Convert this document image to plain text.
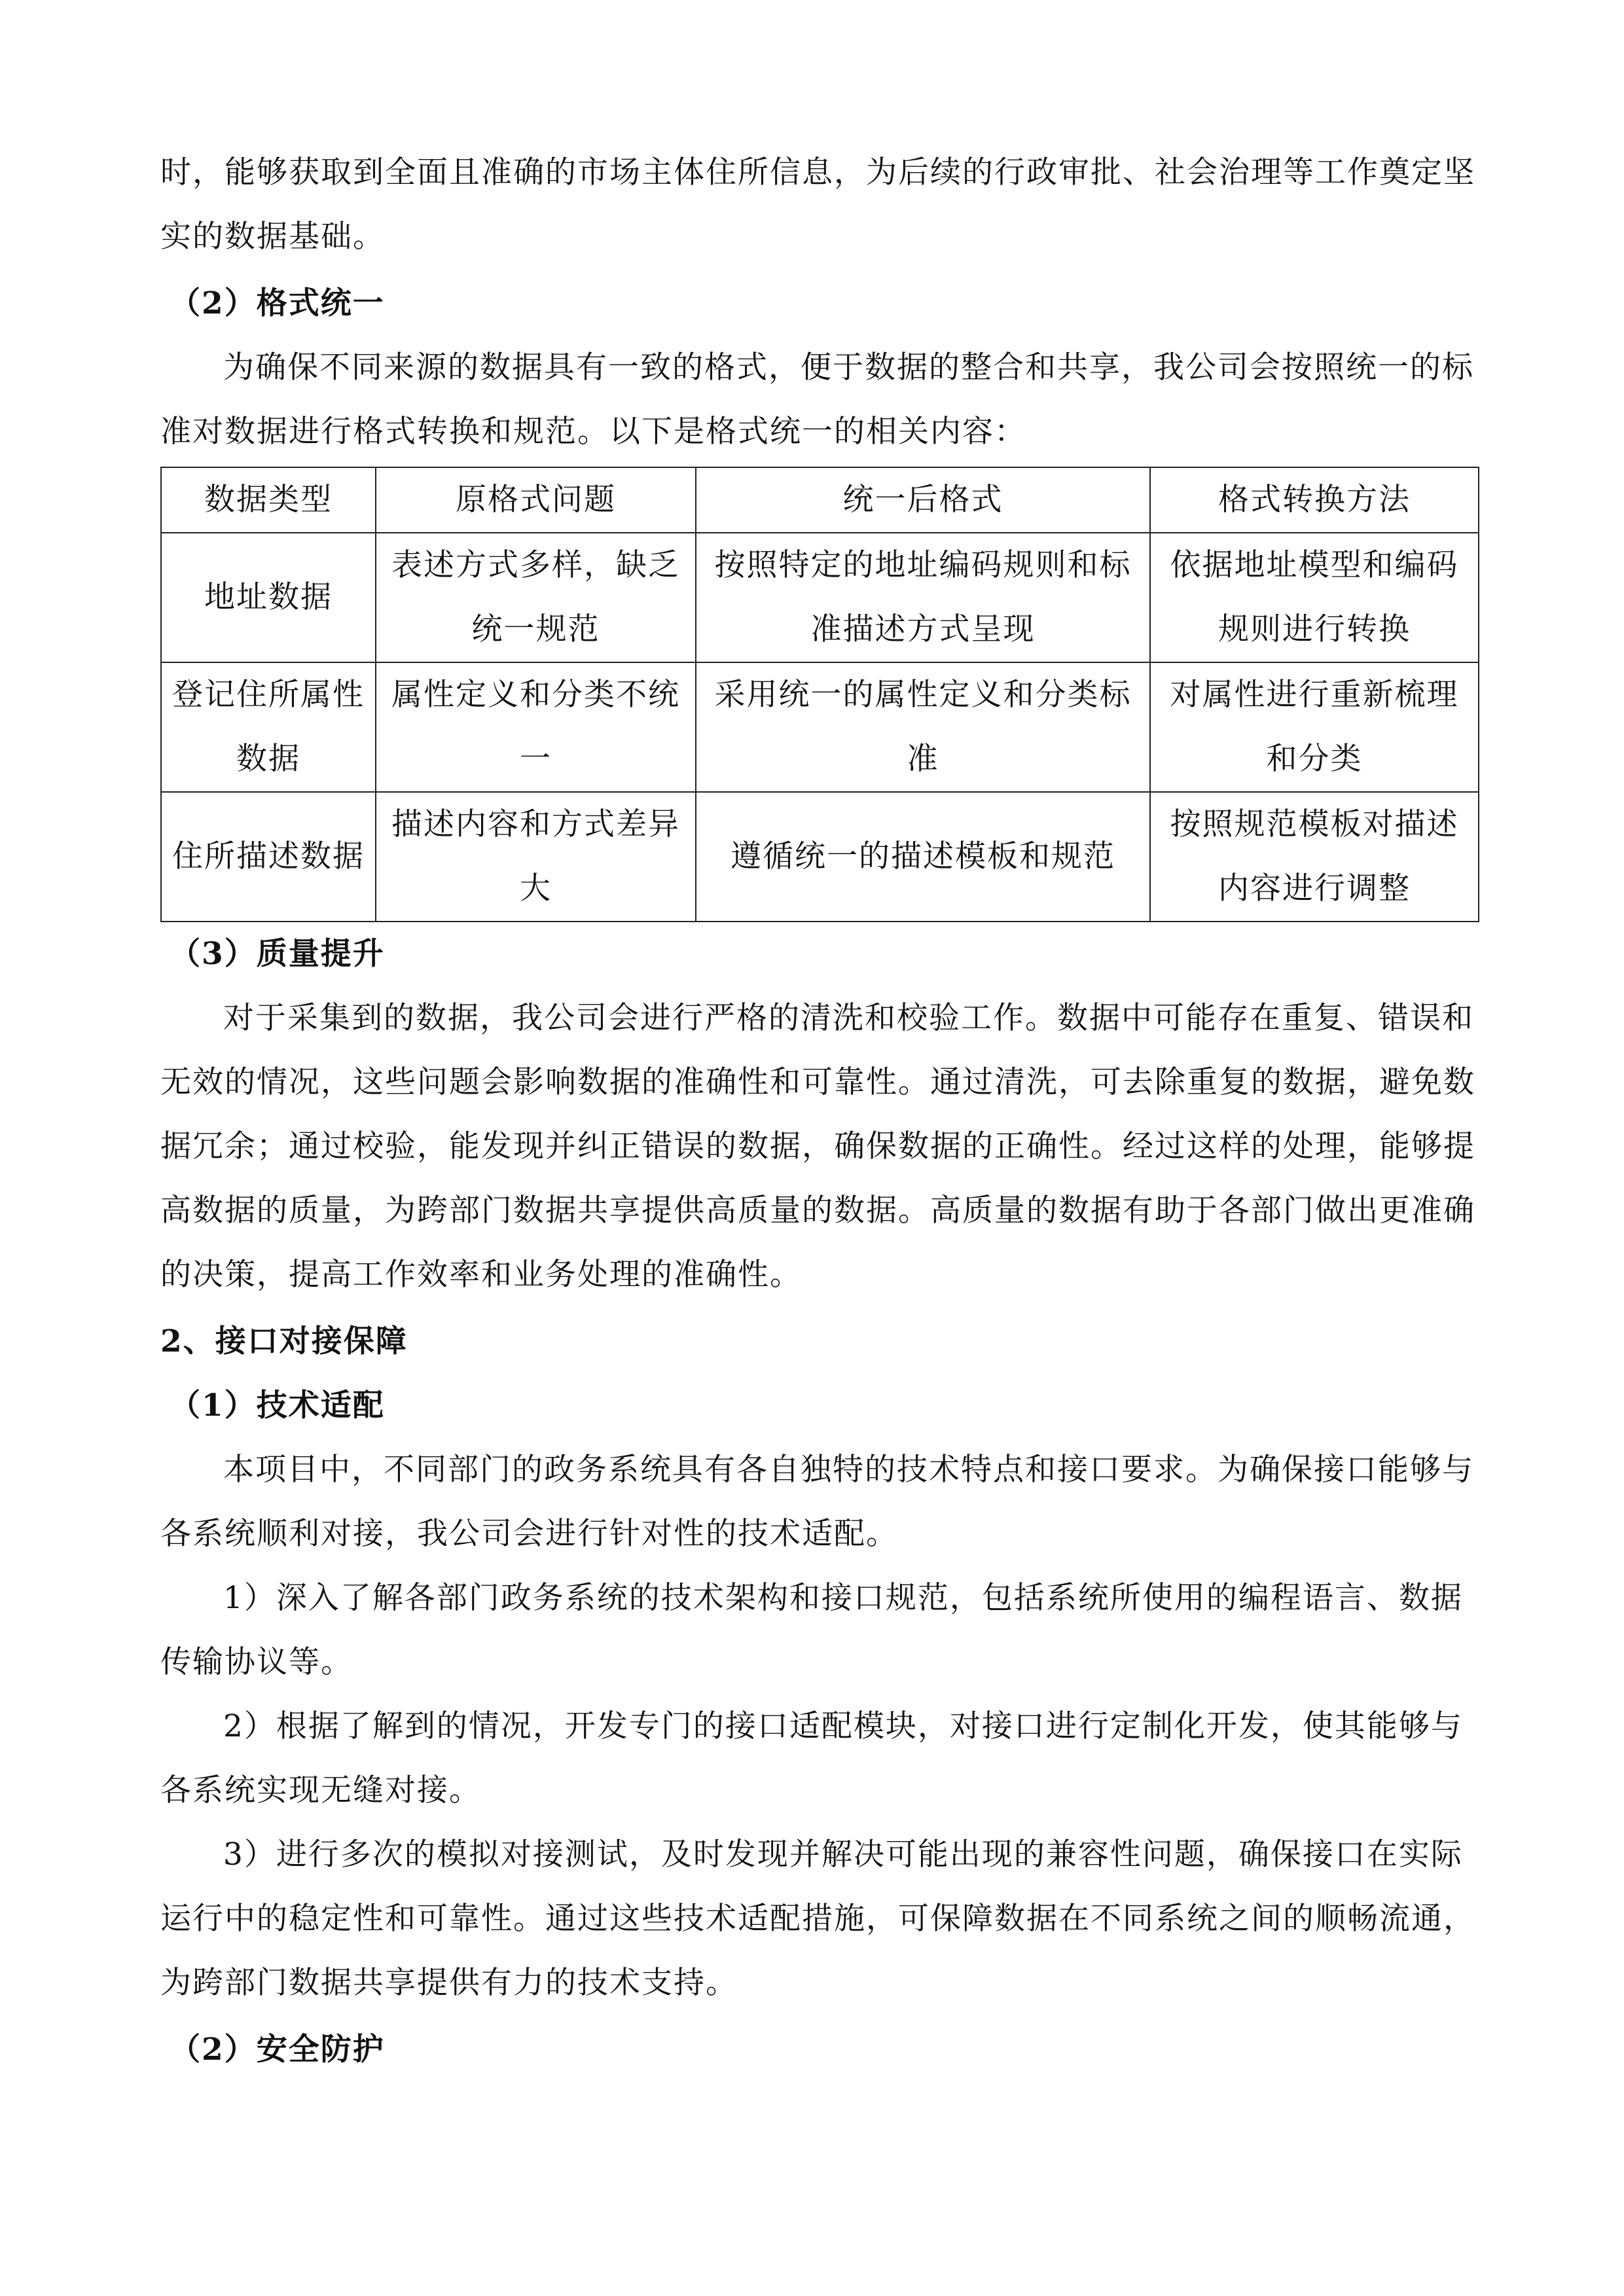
时，能够获取到全面且准确的市场主体住所信息，为后续的行政审批、社会治理等工作奠定坚实的数据基础。

（2）格式统一

为确保不同来源的数据具有一致的格式，便于数据的整合和共享，我公司会按照统一的标准对数据进行格式转换和规范。以下是格式统一的相关内容：

数据类型	原格式问题	统一后格式	格式转换方法
地址数据	表述方式多样，缺乏统一规范	按照特定的地址编码规则和标准描述方式呈现	依据地址模型和编码规则进行转换
登记住所属性数据	属性定义和分类不统一	采用统一的属性定义和分类标准	对属性进行重新梳理和分类
住所描述数据	描述内容和方式差异大	遵循统一的描述模板和规范	按照规范模板对描述内容进行调整

（3）质量提升

对于采集到的数据，我公司会进行严格的清洗和校验工作。数据中可能存在重复、错误和无效的情况，这些问题会影响数据的准确性和可靠性。通过清洗，可去除重复的数据，避免数据冗余；通过校验，能发现并纠正错误的数据，确保数据的正确性。经过这样的处理，能够提高数据的质量，为跨部门数据共享提供高质量的数据。高质量的数据有助于各部门做出更准确的决策，提高工作效率和业务处理的准确性。

2、接口对接保障

（1）技术适配

本项目中，不同部门的政务系统具有各自独特的技术特点和接口要求。为确保接口能够与各系统顺利对接，我公司会进行针对性的技术适配。

1）深入了解各部门政务系统的技术架构和接口规范，包括系统所使用的编程语言、数据传输协议等。

2）根据了解到的情况，开发专门的接口适配模块，对接口进行定制化开发，使其能够与各系统实现无缝对接。

3）进行多次的模拟对接测试，及时发现并解决可能出现的兼容性问题，确保接口在实际运行中的稳定性和可靠性。通过这些技术适配措施，可保障数据在不同系统之间的顺畅流通，为跨部门数据共享提供有力的技术支持。

（2）安全防护
